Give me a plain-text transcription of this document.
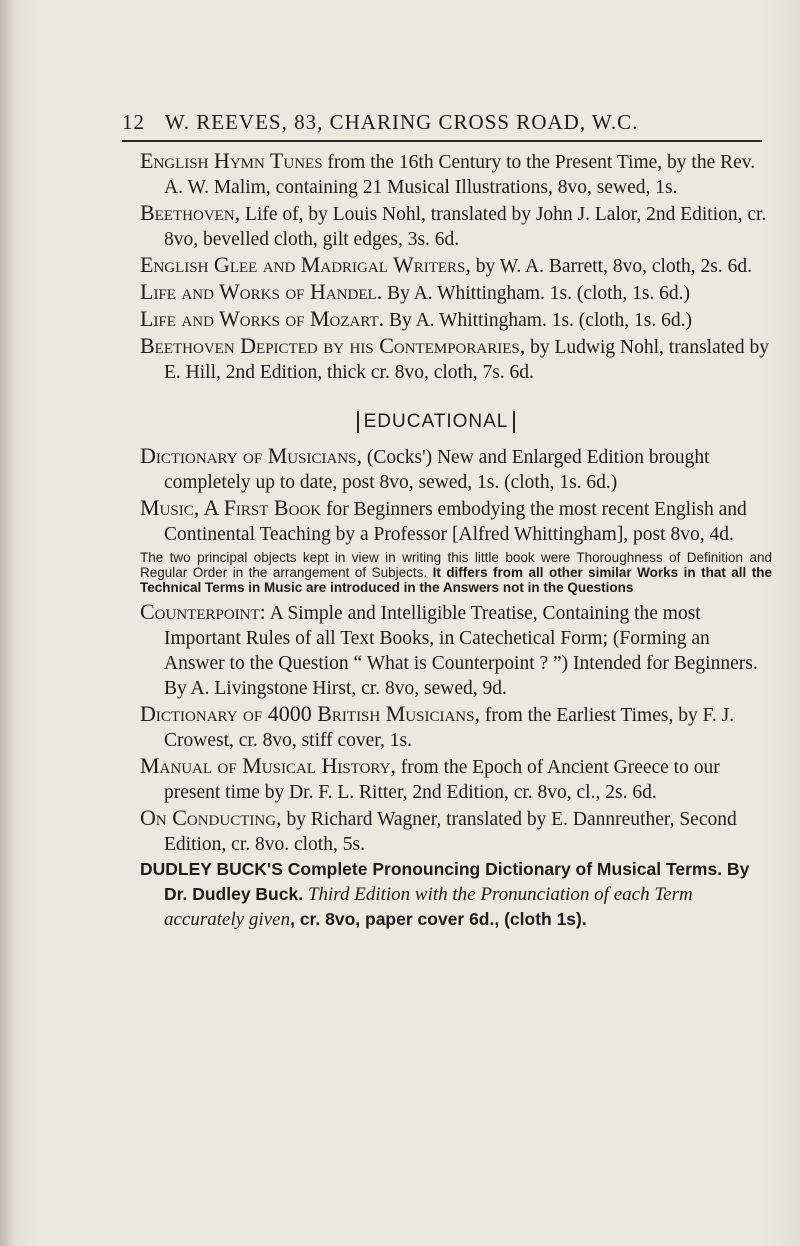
12 W. REEVES, 83, CHARING CROSS ROAD, W.C.
English Hymn Tunes from the 16th Century to the Present Time, by the Rev. A. W. Malim, containing 21 Musical Illustrations, 8vo, sewed, 1s.
Beethoven, Life of, by Louis Nohl, translated by John J. Lalor, 2nd Edition, cr. 8vo, bevelled cloth, gilt edges, 3s. 6d.
English Glee and Madrigal Writers, by W. A. Barrett, 8vo, cloth, 2s. 6d.
Life and Works of Handel. By A. Whittingham. 1s. (cloth, 1s. 6d.)
Life and Works of Mozart. By A. Whittingham. 1s. (cloth, 1s. 6d.)
Beethoven Depicted by his Contemporaries, by Ludwig Nohl, translated by E. Hill, 2nd Edition, thick cr. 8vo, cloth, 7s. 6d.
EDUCATIONAL
Dictionary of Musicians, (Cocks') New and Enlarged Edition brought completely up to date, post 8vo, sewed, 1s. (cloth, 1s. 6d.)
Music, A First Book for Beginners embodying the most recent English and Continental Teaching by a Professor [Alfred Whittingham], post 8vo, 4d.
The two principal objects kept in view in writing this little book were Thoroughness of Definition and Regular Order in the arrangement of Subjects. It differs from all other similar Works in that all the Technical Terms in Music are introduced in the Answers not in the Questions
Counterpoint: A Simple and Intelligible Treatise, Containing the most Important Rules of all Text Books, in Catechetical Form; (Forming an Answer to the Question “ What is Counterpoint ? ”) Intended for Beginners. By A. Livingstone Hirst, cr. 8vo, sewed, 9d.
Dictionary of 4000 British Musicians, from the Earliest Times, by F. J. Crowest, cr. 8vo, stiff cover, 1s.
Manual of Musical History, from the Epoch of Ancient Greece to our present time by Dr. F. L. Ritter, 2nd Edition, cr. 8vo, cl., 2s. 6d.
On Conducting, by Richard Wagner, translated by E. Dannreuther, Second Edition, cr. 8vo. cloth, 5s.
DUDLEY BUCK'S Complete Pronouncing Dictionary of Musical Terms. By Dr. Dudley Buck. Third Edition with the Pronunciation of each Term accurately given, cr. 8vo, paper cover 6d., (cloth 1s).
